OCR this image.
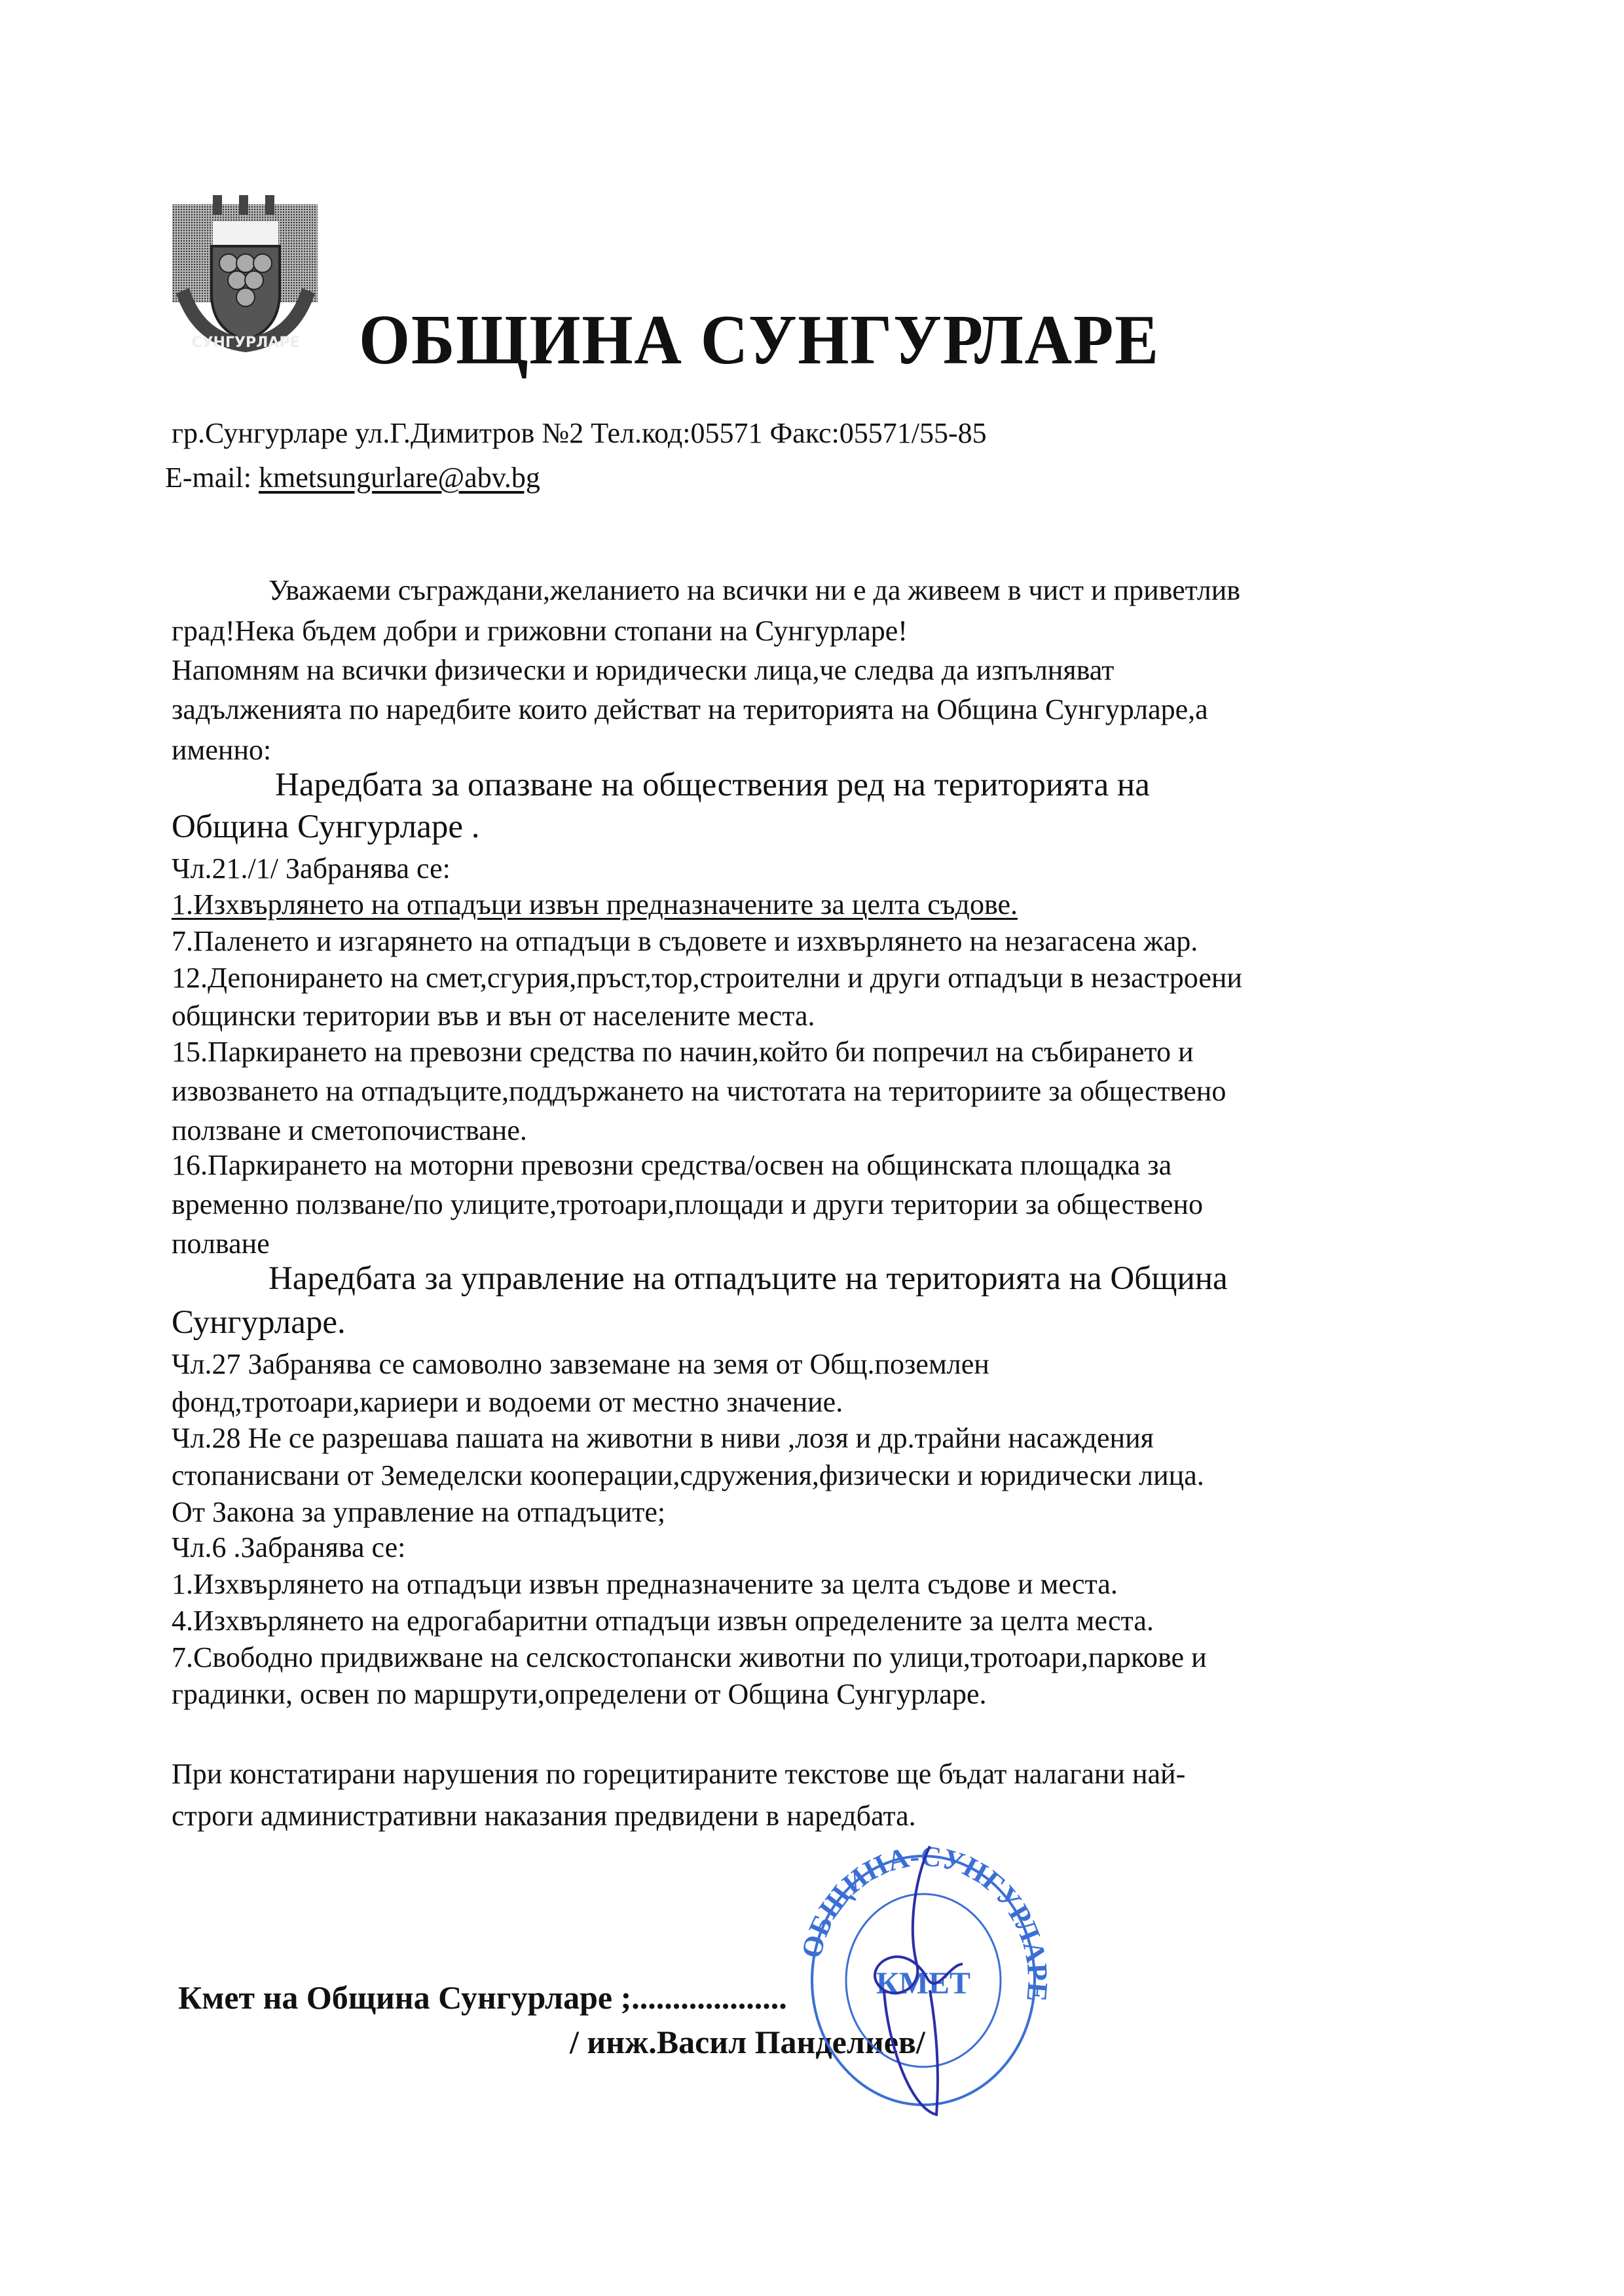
СУНГУРЛАРЕ ОБЩИНА СУНГУРЛАРЕ
гр.Сунгурларе ул.Г.Димитров №2 Тел.код:05571 Факс:05571/55-85
E-mail: kmetsungurlare@abv.bg
Уважаеми съграждани,желанието на всички ни е да живеем в чист и приветлив
град!Нека бъдем добри и грижовни стопани на Сунгурларе!
Напомням на всички физически и юридически лица,че следва да изпълняват
задълженията по наредбите които действат на територията на Община Сунгурларе,а
именно:
Наредбата за опазване на обществения ред на територията на
Община Сунгурларе .
Чл.21./1/ Забранява се:
1.Изхвърлянето на отпадъци извън предназначените за целта съдове.
7.Паленето и изгарянето на отпадъци в съдовете и изхвърлянето на незагасена жар.
12.Депонирането на смет,сгурия,пръст,тор,строителни и други отпадъци в незастроени
общински територии във и вън от населените места.
15.Паркирането на превозни средства по начин,който би попречил на събирането и
извозването на отпадъците,поддържането на чистотата на териториите за обществено
ползване и сметопочистване.
16.Паркирането на моторни превозни средства/освен на общинската площадка за
временно ползване/по улиците,тротоари,площади и други територии за обществено
полване
Наредбата за управление на отпадъците на територията на Община
Сунгурларе.
Чл.27 Забранява се самоволно завземане на земя от Общ.поземлен
фонд,тротоари,кариери и водоеми от местно значение.
Чл.28 Не се разрешава пашата на животни в ниви ,лозя и др.трайни насаждения
стопанисвани от Земеделски кооперации,сдружения,физически и юридически лица.
От Закона за управление на отпадъците;
Чл.6 .Забранява се:
1.Изхвърлянето на отпадъци извън предназначените за целта съдове и места.
4.Изхвърлянето на едрогабаритни отпадъци извън определените за целта места.
7.Свободно придвижване на селскостопански животни по улици,тротоари,паркове и
градинки, освен по маршрути,определени от Община Сунгурларе.
При констатирани нарушения по горецитираните текстове ще бъдат налагани най-
строги административни наказания предвидени в наредбата.
Кмет на Община Сунгурларе ;...................
/ инж.Васил Панделиев/
ОБЩИНА-СУНГУРЛАРЕ
КМЕТ
